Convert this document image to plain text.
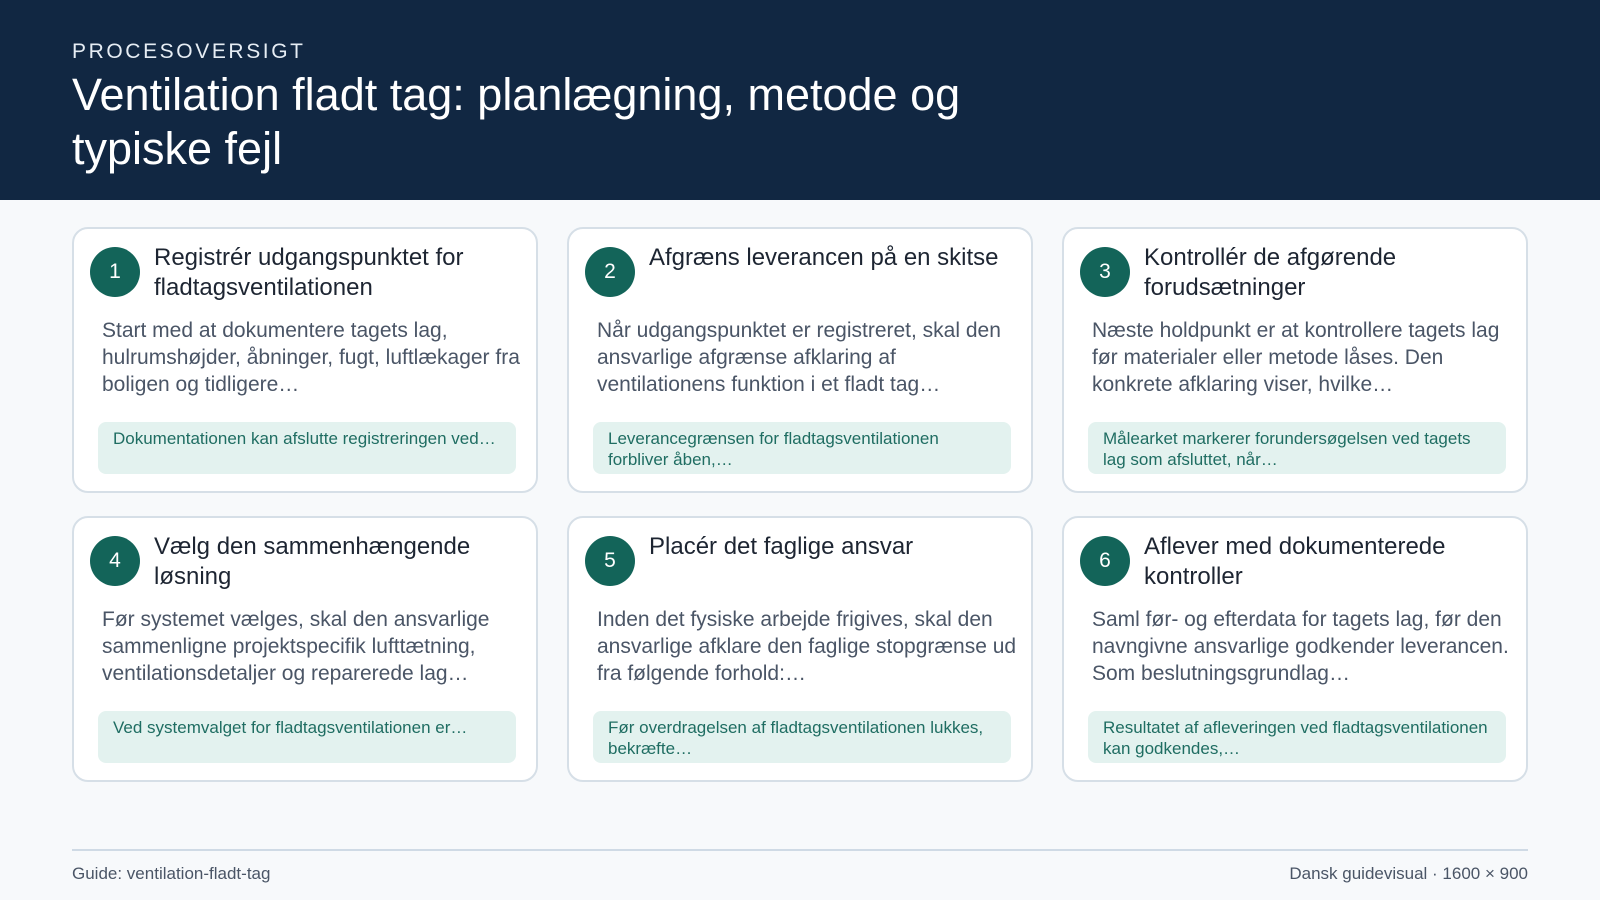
PROCESOVERSIGT
Ventilation fladt tag: planlægning, metode og typiske fejl
1
Registrér udgangspunktet for fladtagsventilationen
Start med at dokumentere tagets lag, hulrumshøjder, åbninger, fugt, luftlækager fra boligen og tidligere…
Dokumentationen kan afslutte registreringen ved…
2
Afgræns leverancen på en skitse
Når udgangspunktet er registreret, skal den ansvarlige afgrænse afklaring af ventilationens funktion i et fladt tag…
Leverancegrænsen for fladtagsventilationen forbliver åben,…
3
Kontrollér de afgørende forudsætninger
Næste holdpunkt er at kontrollere tagets lag før materialer eller metode låses. Den konkrete afklaring viser, hvilke…
Målearket markerer forundersøgelsen ved tagets lag som afsluttet, når…
4
Vælg den sammenhængende løsning
Før systemet vælges, skal den ansvarlige sammenligne projektspecifik lufttætning, ventilationsdetaljer og reparerede lag…
Ved systemvalget for fladtagsventilationen er…
5
Placér det faglige ansvar
Inden det fysiske arbejde frigives, skal den ansvarlige afklare den faglige stopgrænse ud fra følgende forhold:…
Før overdragelsen af fladtagsventilationen lukkes, bekræfte…
6
Aflever med dokumenterede kontroller
Saml før- og efterdata for tagets lag, før den navngivne ansvarlige godkender leverancen. Som beslutningsgrundlag…
Resultatet af afleveringen ved fladtagsventilationen kan godkendes,…
Guide: ventilation-fladt-tag	Dansk guidevisual · 1600 × 900
